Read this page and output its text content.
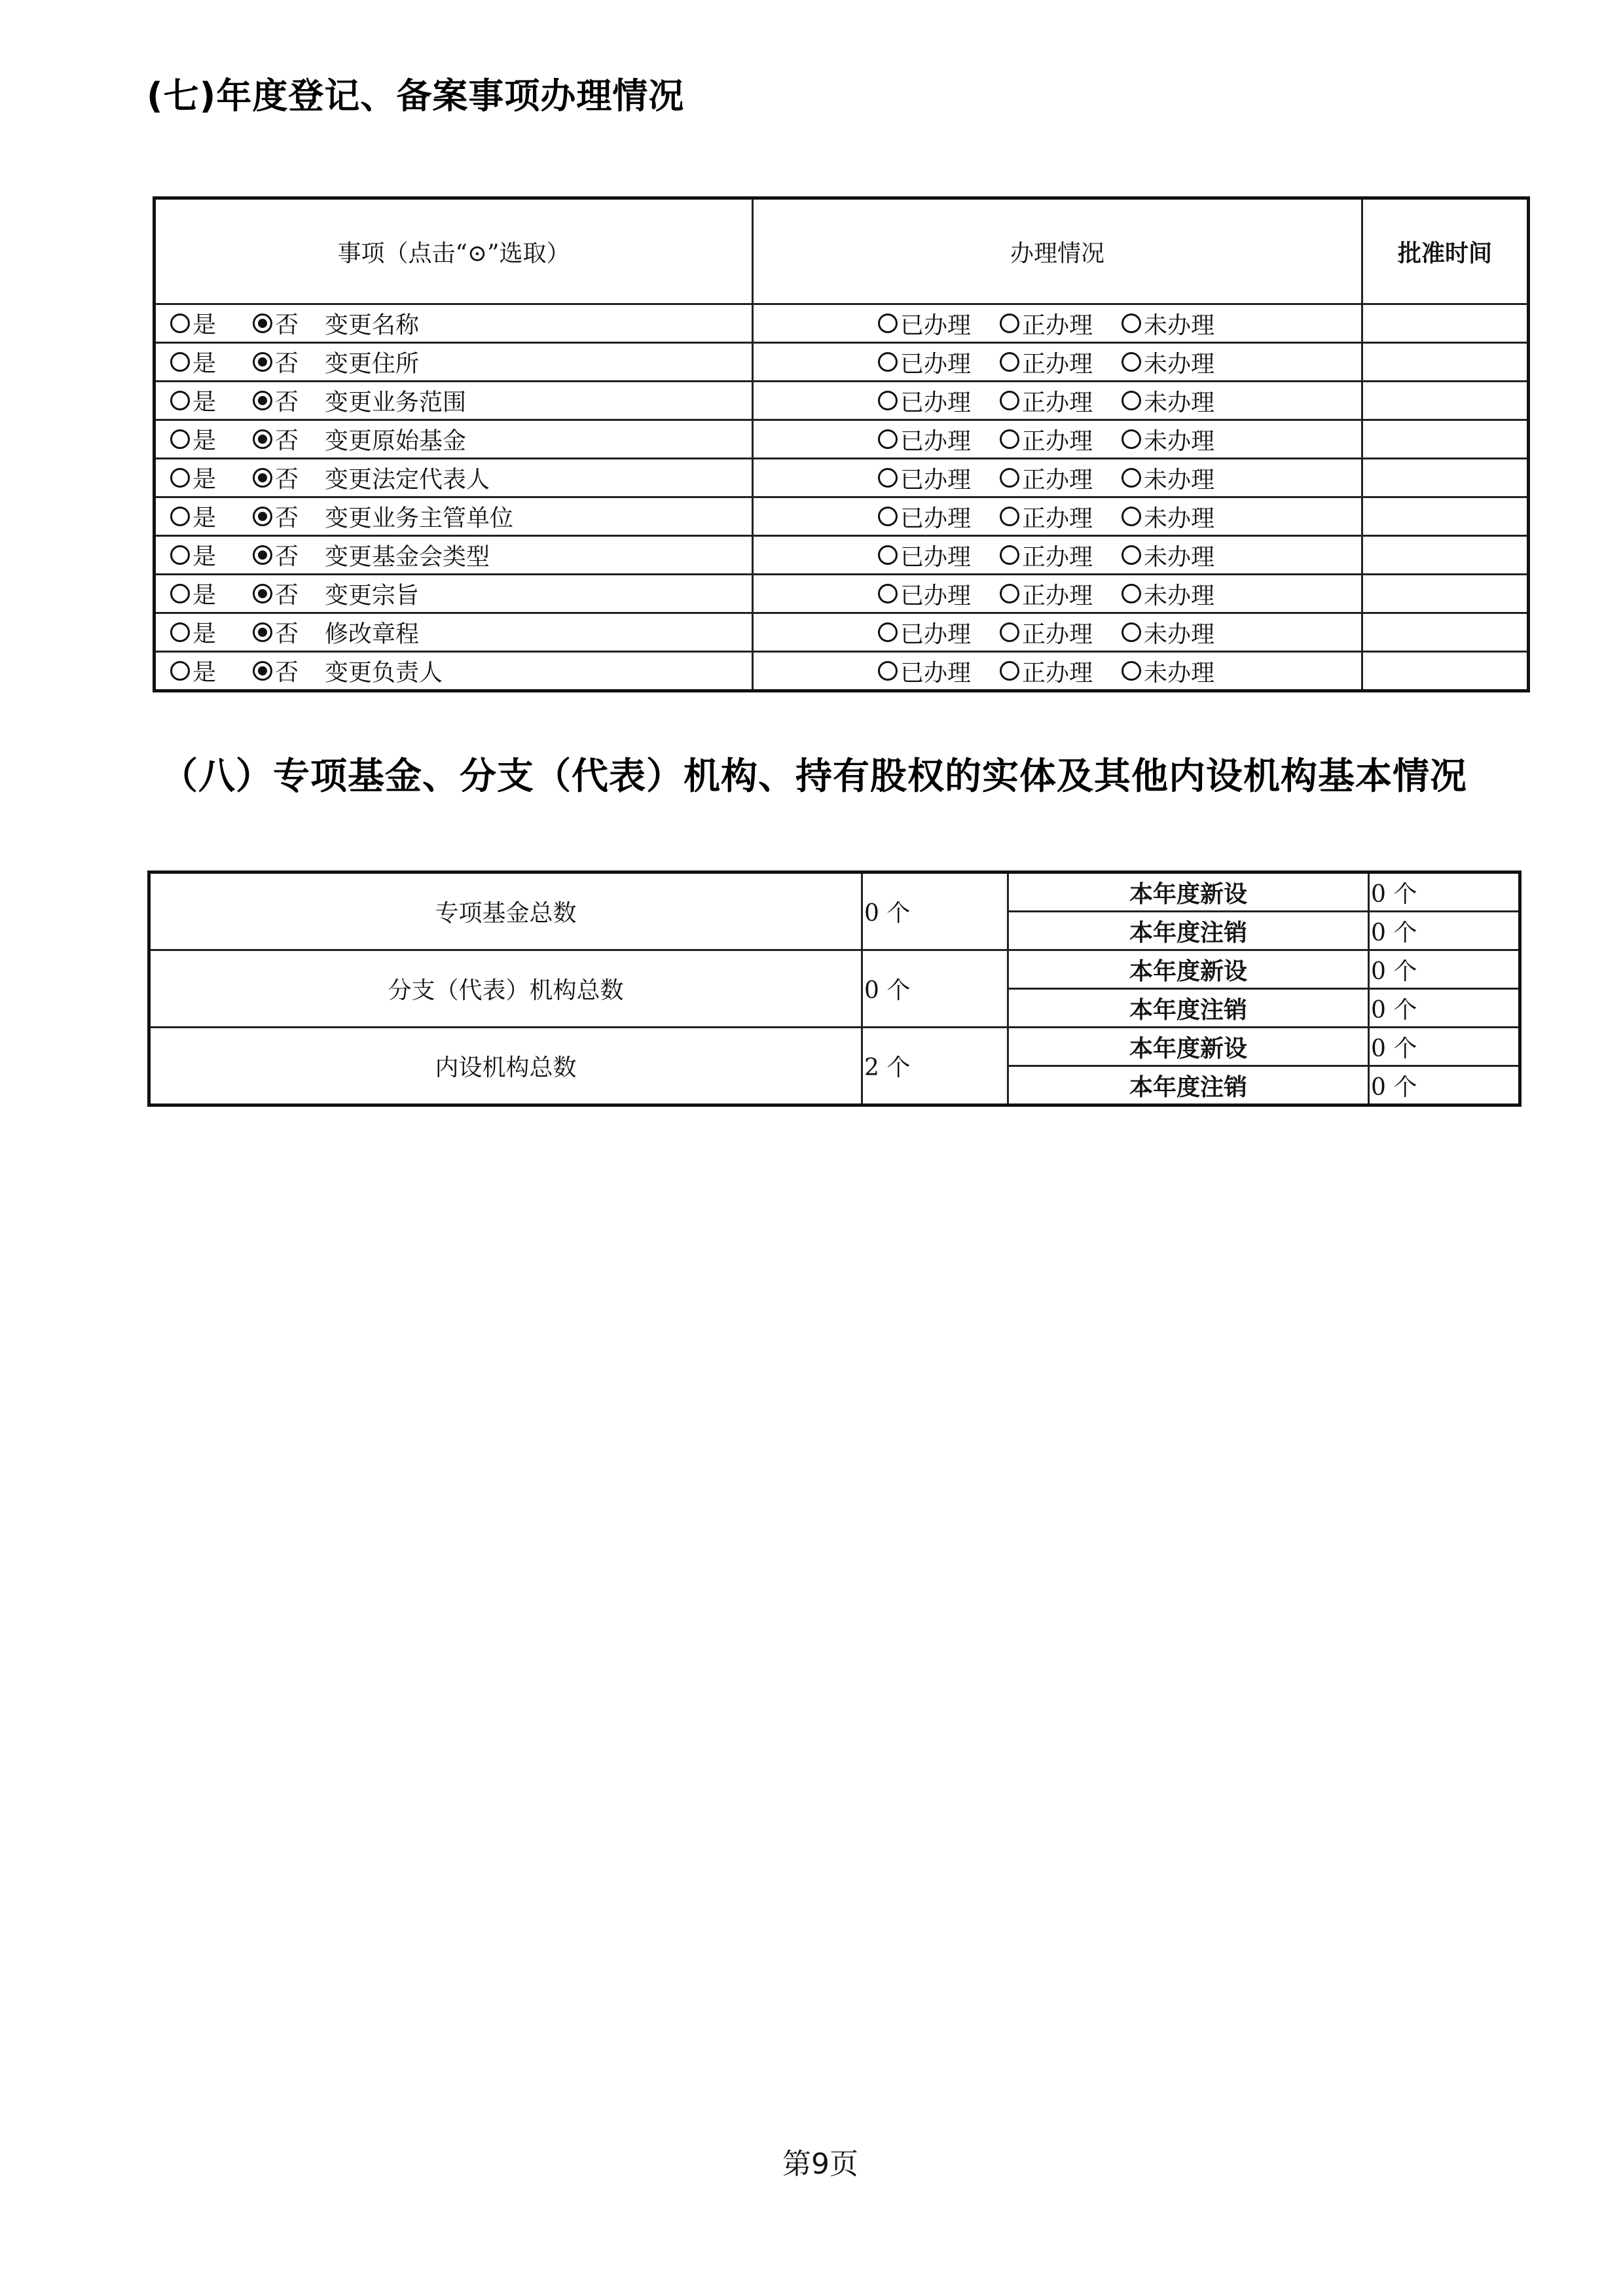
(七)年度登记、备案事项办理情况
事项（点击“⊙”选取）	办理情况	批准时间

是 否 变更名称	已办理 正办理 未办理	

是 否 变更住所	已办理 正办理 未办理	

是 否 变更业务范围	已办理 正办理 未办理	

是 否 变更原始基金	已办理 正办理 未办理	

是 否 变更法定代表人	已办理 正办理 未办理	

是 否 变更业务主管单位	已办理 正办理 未办理	

是 否 变更基金会类型	已办理 正办理 未办理	

是 否 变更宗旨	已办理 正办理 未办理	

是 否 修改章程	已办理 正办理 未办理	

是 否 变更负责人	已办理 正办理 未办理	

（八）专项基金、分支（代表）机构、持有股权的实体及其他内设机构基本情况
专项基金总数	0 个	本年度新设	0 个
		本年度注销	0 个
分支（代表）机构总数	0 个	本年度新设	0 个
		本年度注销	0 个
内设机构总数	2 个	本年度新设	0 个
		本年度注销	0 个
第9页
